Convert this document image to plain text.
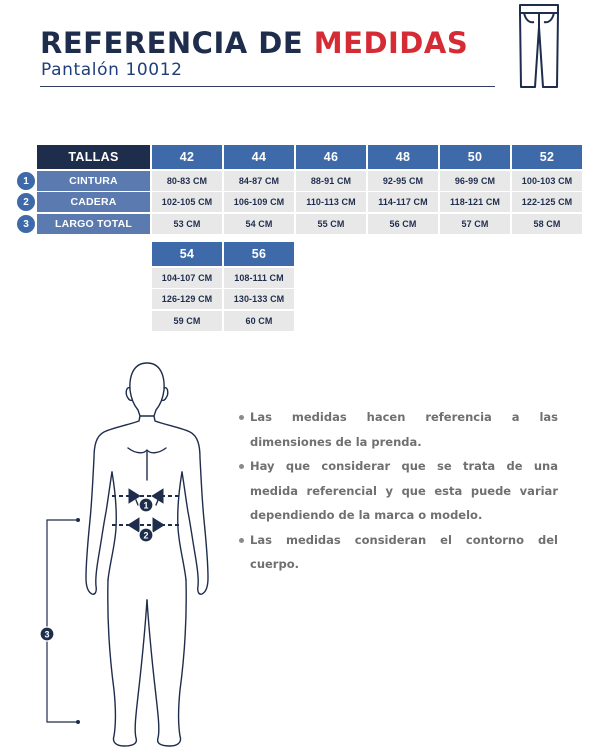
REFERENCIA DE MEDIDAS
Pantalón 10012
TALLAS
CINTURA
1
CADERA
2
LARGO TOTAL
3
42
80-83 CM
102-105 CM
53 CM
44
84-87 CM
106-109 CM
54 CM
46
88-91 CM
110-113 CM
55 CM
48
92-95 CM
114-117 CM
56 CM
50
96-99 CM
118-121 CM
57 CM
52
100-103 CM
122-125 CM
58 CM
54
104-107 CM
126-129 CM
59 CM
56
108-111 CM
130-133 CM
60 CM
Las medidas hacen referencia a las dimensiones de la prenda.
Hay que considerar que se trata de una medida referencial y que esta puede variar dependiendo de la marca o modelo.
Las medidas consideran el contorno del cuerpo.
1
2
3
